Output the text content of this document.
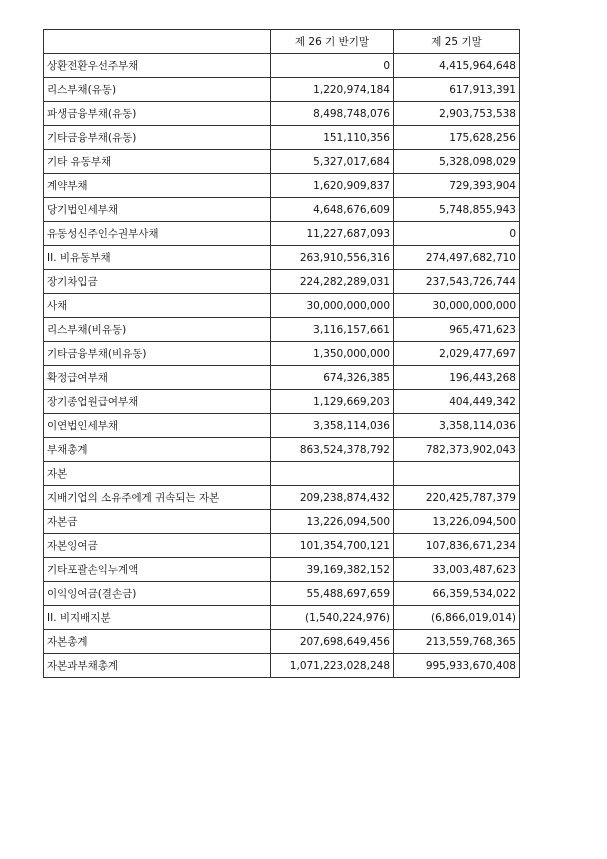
	제 26 기 반기말	제 25 기말
상환전환우선주부채	0	4,415,964,648
리스부채(유동)	1,220,974,184	617,913,391
파생금융부채(유동)	8,498,748,076	2,903,753,538
기타금융부채(유동)	151,110,356	175,628,256
기타 유동부채	5,327,017,684	5,328,098,029
계약부채	1,620,909,837	729,393,904
당기법인세부채	4,648,676,609	5,748,855,943
유동성신주인수권부사채	11,227,687,093	0
II. 비유동부채	263,910,556,316	274,497,682,710
장기차입금	224,282,289,031	237,543,726,744
사채	30,000,000,000	30,000,000,000
리스부채(비유동)	3,116,157,661	965,471,623
기타금융부채(비유동)	1,350,000,000	2,029,477,697
확정급여부채	674,326,385	196,443,268
장기종업원급여부채	1,129,669,203	404,449,342
이연법인세부채	3,358,114,036	3,358,114,036
부채총계	863,524,378,792	782,373,902,043
자본		
지배기업의 소유주에게 귀속되는 자본	209,238,874,432	220,425,787,379
자본금	13,226,094,500	13,226,094,500
자본잉여금	101,354,700,121	107,836,671,234
기타포괄손익누계액	39,169,382,152	33,003,487,623
이익잉여금(결손금)	55,488,697,659	66,359,534,022
II. 비지배지분	(1,540,224,976)	(6,866,019,014)
자본총계	207,698,649,456	213,559,768,365
자본과부채총계	1,071,223,028,248	995,933,670,408
